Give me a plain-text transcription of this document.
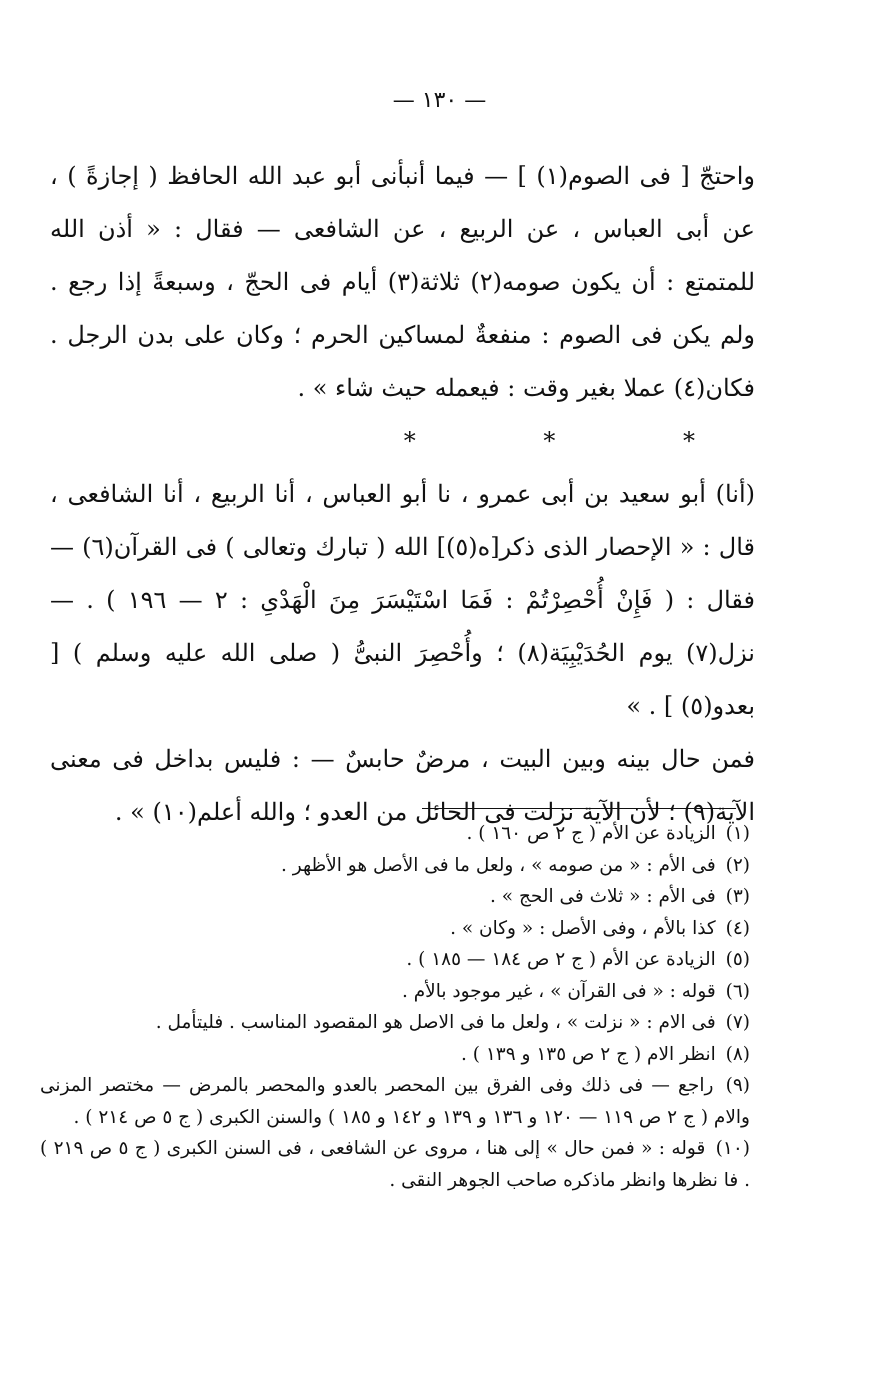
— ١٣٠ —

واحتجّ [ فى الصوم(١) ] — فيما أنبأنى أبو عبد الله الحافظ ( إجازةً ) ، عن أبى العباس ، عن الربيع ، عن الشافعى — فقال : « أذن الله للمتمتع : أن يكون صومه(٢) ثلاثة(٣) أيام فى الحجّ ، وسبعةً إذا رجع . ولم يكن فى الصوم : منفعةٌ لمساكين الحرم ؛ وكان على بدن الرجل . فكان(٤) عملا بغير وقت : فيعمله حيث شاء » .

* * *

(أنا) أبو سعيد بن أبى عمرو ، نا أبو العباس ، أنا الربيع ، أنا الشافعى ، قال : « الإحصار الذى ذكر[ه(٥)] الله ( تبارك وتعالى ) فى القرآن(٦) — فقال : ( فَإِنْ أُحْصِرْتُمْ : فَمَا اسْتَيْسَرَ مِنَ الْهَدْىِ : ٢ — ١٩٦ ) . — نزل(٧) يوم الحُدَيْبِيَة(٨) ؛ وأُحْصِرَ النبىُّ ( صلى الله عليه وسلم ) [ بعدو(٥) ] . »

فمن حال بينه وبين البيت ، مرضٌ حابسٌ — : فليس بداخل فى معنى الآية(٩) ؛ لأن الآية نزلت فى الحائل من العدو ؛ والله أعلم(١٠) » .

(١) الزيادة عن الأم ( ج ٢ ص ١٦٠ ) .
(٢) فى الأم : « من صومه » ، ولعل ما فى الأصل هو الأظهر .
(٣) فى الأم : « ثلاث فى الحج » .
(٤) كذا بالأم ، وفى الأصل : « وكان » .
(٥) الزيادة عن الأم ( ج ٢ ص ١٨٤ — ١٨٥ ) .
(٦) قوله : « فى القرآن » ، غير موجود بالأم .
(٧) فى الام : « نزلت » ، ولعل ما فى الاصل هو المقصود المناسب . فليتأمل .
(٨) انظر الام ( ج ٢ ص ١٣٥ و ١٣٩ ) .
(٩) راجع — فى ذلك وفى الفرق بين المحصر بالعدو والمحصر بالمرض — مختصر المزنى والام ( ج ٢ ص ١١٩ — ١٢٠ و ١٣٦ و ١٣٩ و ١٤٢ و ١٨٥ ) والسنن الكبرى ( ج ٥ ص ٢١٤ ) .
(١٠) قوله : « فمن حال » إلى هنا ، مروى عن الشافعى ، فى السنن الكبرى ( ج ٥ ص ٢١٩ ) . فا نظرها وانظر ماذكره صاحب الجوهر النقى .
